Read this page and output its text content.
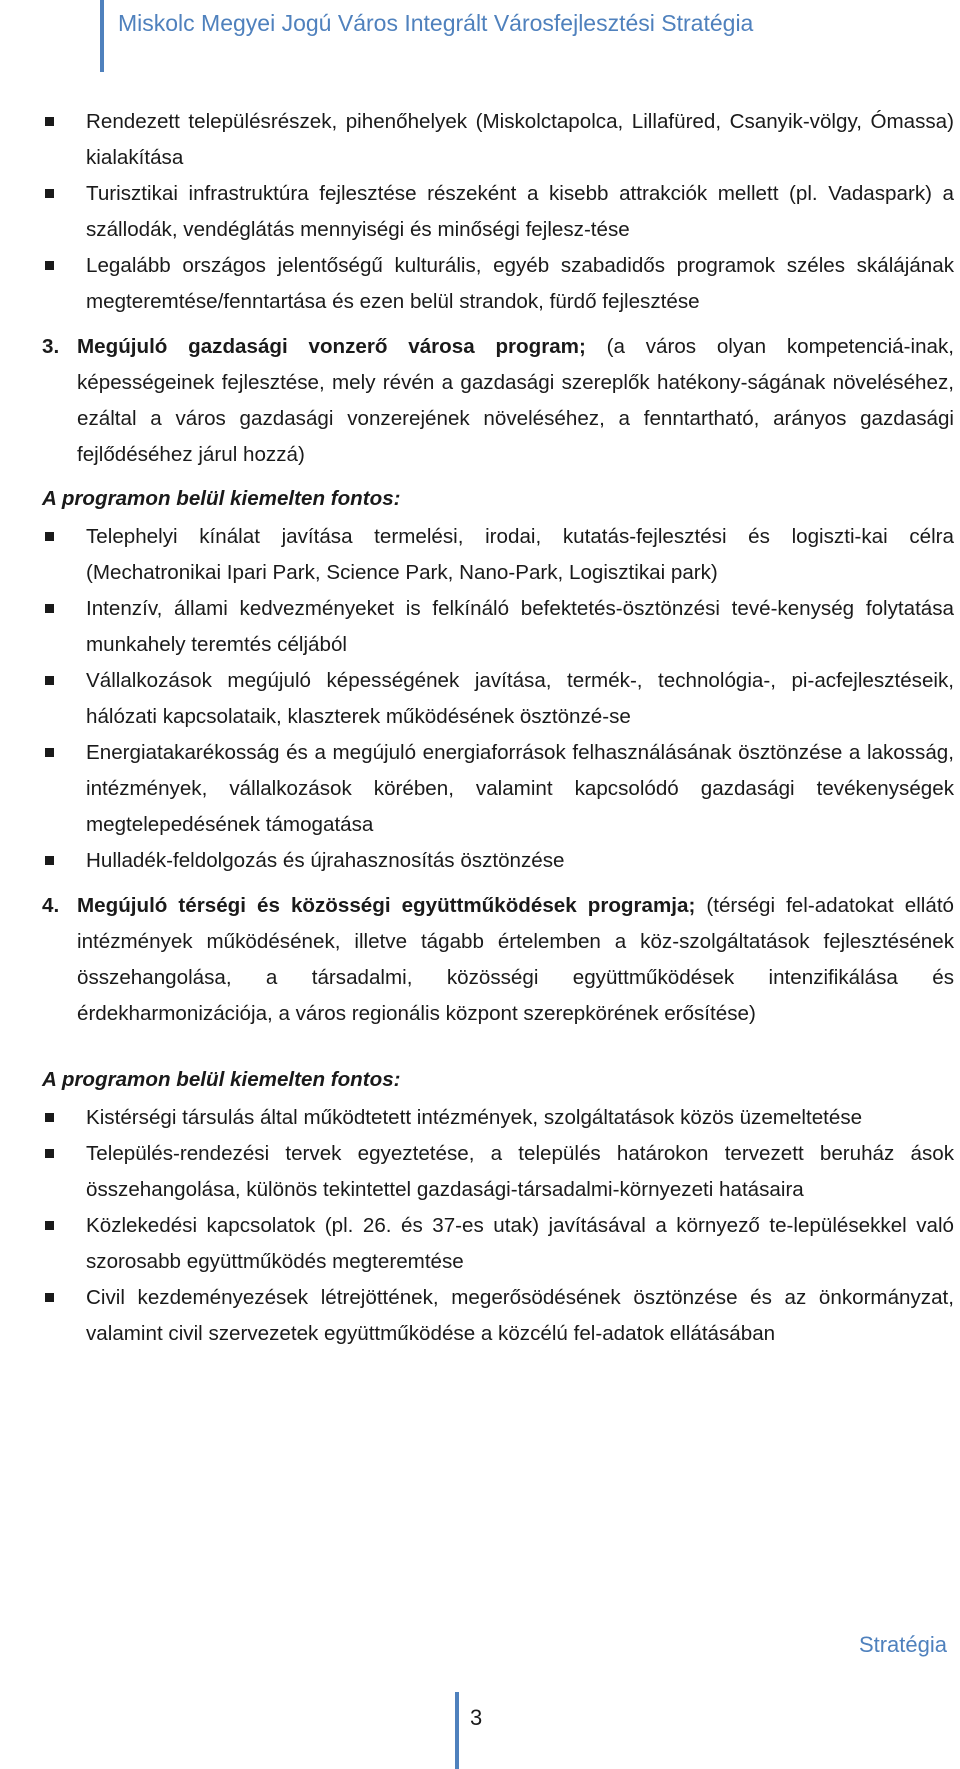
Miskolc Megyei Jogú Város Integrált Városfejlesztési Stratégia
Rendezett településrészek, pihenőhelyek (Miskolctapolca, Lillafüred, Csanyik-völgy, Ómassa) kialakítása
Turisztikai infrastruktúra fejlesztése részeként a kisebb attrakciók mellett (pl. Vadaspark) a szállodák, vendéglátás mennyiségi és minőségi fejlesz-tése
Legalább országos jelentőségű kulturális, egyéb szabadidős programok széles skálájának megteremtése/fenntartása és ezen belül strandok, fürdő fejlesztése
3. Megújuló gazdasági vonzerő városa program; (a város olyan kompetenciá-inak, képességeinek fejlesztése, mely révén a gazdasági szereplők hatékony-ságának növeléséhez, ezáltal a város gazdasági vonzerejének növeléséhez, a fenntartható, arányos gazdasági fejlődéséhez járul hozzá)
A programon belül kiemelten fontos:
Telephelyi kínálat javítása termelési, irodai, kutatás-fejlesztési és logiszti-kai célra (Mechatronikai Ipari Park, Science Park, Nano-Park, Logisztikai park)
Intenzív, állami kedvezményeket is felkínáló befektetés-ösztönzési tevé-kenység folytatása munkahely teremtés céljából
Vállalkozások megújuló képességének javítása, termék-, technológia-, pi-acfejlesztéseik, hálózati kapcsolataik, klaszterek működésének ösztönzé-se
Energiatakarékosság és a megújuló energiaforrások felhasználásának ösztönzése a lakosság, intézmények, vállalkozások körében, valamint kapcsolódó gazdasági tevékenységek megtelepedésének támogatása
Hulladék-feldolgozás és újrahasznosítás ösztönzése
4. Megújuló térségi és közösségi együttműködések programja; (térségi fel-adatokat ellátó intézmények működésének, illetve tágabb értelemben a köz-szolgáltatások fejlesztésének összehangolása, a társadalmi, közösségi együttműködések intenzifikálása és érdekharmonizációja, a város regionális központ szerepkörének erősítése)
A programon belül kiemelten fontos:
Kistérségi társulás által működtetett intézmények, szolgáltatások közös üzemeltetése
Település-rendezési tervek egyeztetése, a település határokon tervezett beruház ások összehangolása, különös tekintettel gazdasági-társadalmi-környezeti hatásaira
Közlekedési kapcsolatok (pl. 26. és 37-es utak) javításával a környező te-lepülésekkel való szorosabb együttműködés megteremtése
Civil kezdeményezések létrejöttének, megerősödésének ösztönzése és az önkormányzat, valamint civil szervezetek együttműködése a közcélú fel-adatok ellátásában
Stratégia
3
